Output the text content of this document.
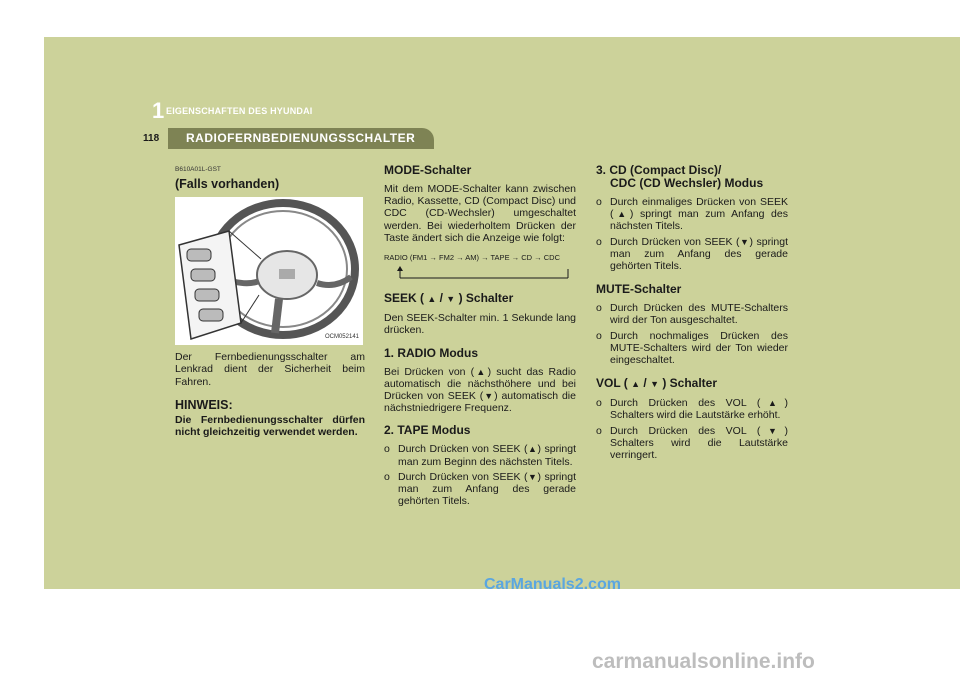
1 EIGENSCHAFTEN DES HYUNDAI
118 RADIOFERNBEDIENUNGSSCHALTER
B610A01L-GST
(Falls vorhanden)
OCM052141

Der Fernbedienungsschalter am Lenkrad dient der Sicherheit beim Fahren.

HINWEIS:

Die Fernbedienungsschalter dürfen nicht gleichzeitig verwendet werden.

MODE-Schalter

Mit dem MODE-Schalter kann zwischen Radio, Kassette, CD (Compact Disc) und CDC (CD-Wechsler) umgeschaltet werden. Bei wiederholtem Drücken der Taste ändert sich die Anzeige wie folgt:

RADIO (FM1 → FM2 → AM) → TAPE → CD → CDC
SEEK ( ▲ / ▼ ) Schalter

Den SEEK-Schalter min. 1 Sekunde lang drücken.

1. RADIO Modus

Bei Drücken von (▲) sucht das Radio automatisch die nächsthöhere und bei Drücken von SEEK (▼) automatisch die nächstniedrigere Frequenz.

2. TAPE Modus
o Durch Drücken von SEEK (▲) springt man zum Beginn des nächsten Titels.
o Durch Drücken von SEEK (▼) springt man zum Anfang des gerade gehörten Titels.
3. CD (Compact Disc)/
CDC (CD Wechsler) Modus
o Durch einmaliges Drücken von SEEK (▲) springt man zum Anfang des nächsten Titels.
o Durch Drücken von SEEK (▼) springt man zum Anfang des gerade gehörten Titels.
MUTE-Schalter
o Durch Drücken des MUTE-Schalters wird der Ton ausgeschaltet.
o Durch nochmaliges Drücken des MUTE-Schalters wird der Ton wieder eingeschaltet.
VOL ( ▲ / ▼ ) Schalter
o Durch Drücken des VOL (▲) Schalters wird die Lautstärke erhöht.
o Durch Drücken des VOL (▼) Schalters wird die Lautstärke verringert.
CarManuals2.com
carmanualsonline.info
